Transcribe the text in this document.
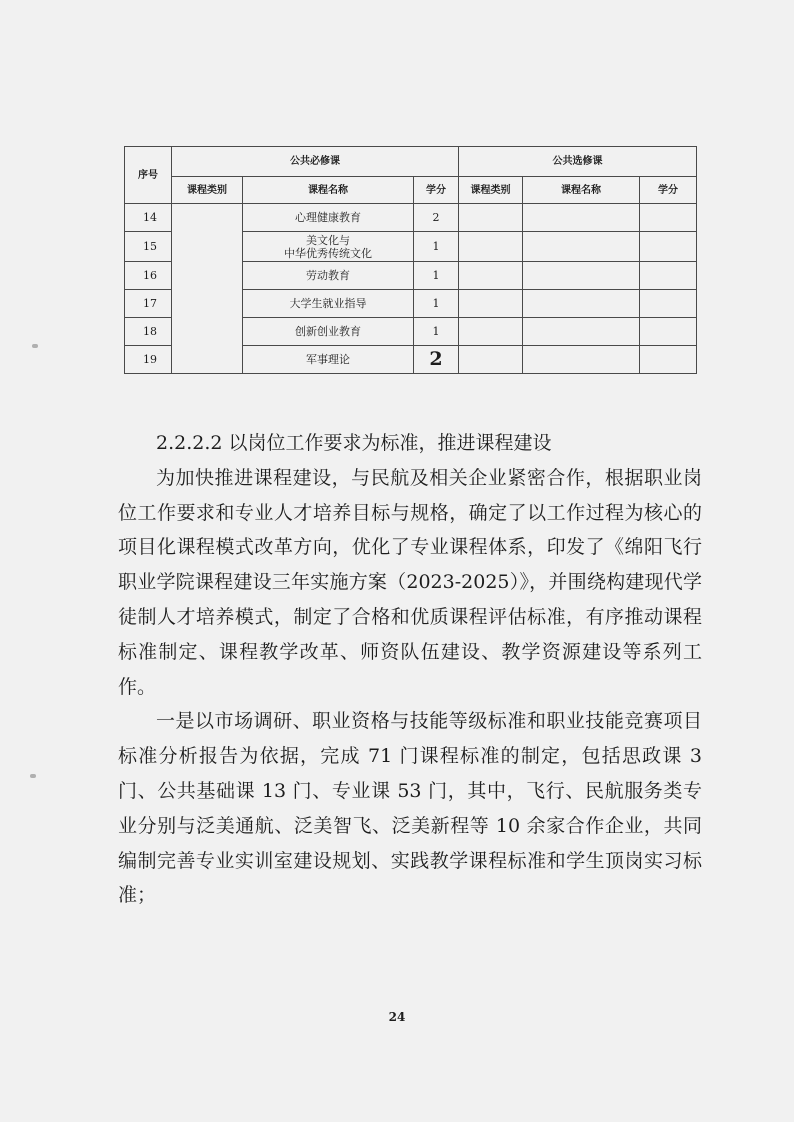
序号	公共必修课			公共选修课		
	课程类别	课程名称	学分	课程类别	课程名称	学分
14		心理健康教育	2			
15		美文化与
中华优秀传统文化	1			
16		劳动教育	1			
17		大学生就业指导	1			
18		创新创业教育	1			
19		军事理论	2			

2.2.2.2 以岗位工作要求为标准，推进课程建设

为加快推进课程建设，与民航及相关企业紧密合作，根据职业岗位工作要求和专业人才培养目标与规格，确定了以工作过程为核心的项目化课程模式改革方向，优化了专业课程体系，印发了《绵阳飞行职业学院课程建设三年实施方案（2023-2025）》，并围绕构建现代学徒制人才培养模式，制定了合格和优质课程评估标准，有序推动课程标准制定、课程教学改革、师资队伍建设、教学资源建设等系列工作。

一是以市场调研、职业资格与技能等级标准和职业技能竞赛项目标准分析报告为依据，完成 71 门课程标准的制定，包括思政课 3 门、公共基础课 13 门、专业课 53 门，其中，飞行、民航服务类专业分别与泛美通航、泛美智飞、泛美新程等 10 余家合作企业，共同编制完善专业实训室建设规划、实践教学课程标准和学生顶岗实习标准；

24
